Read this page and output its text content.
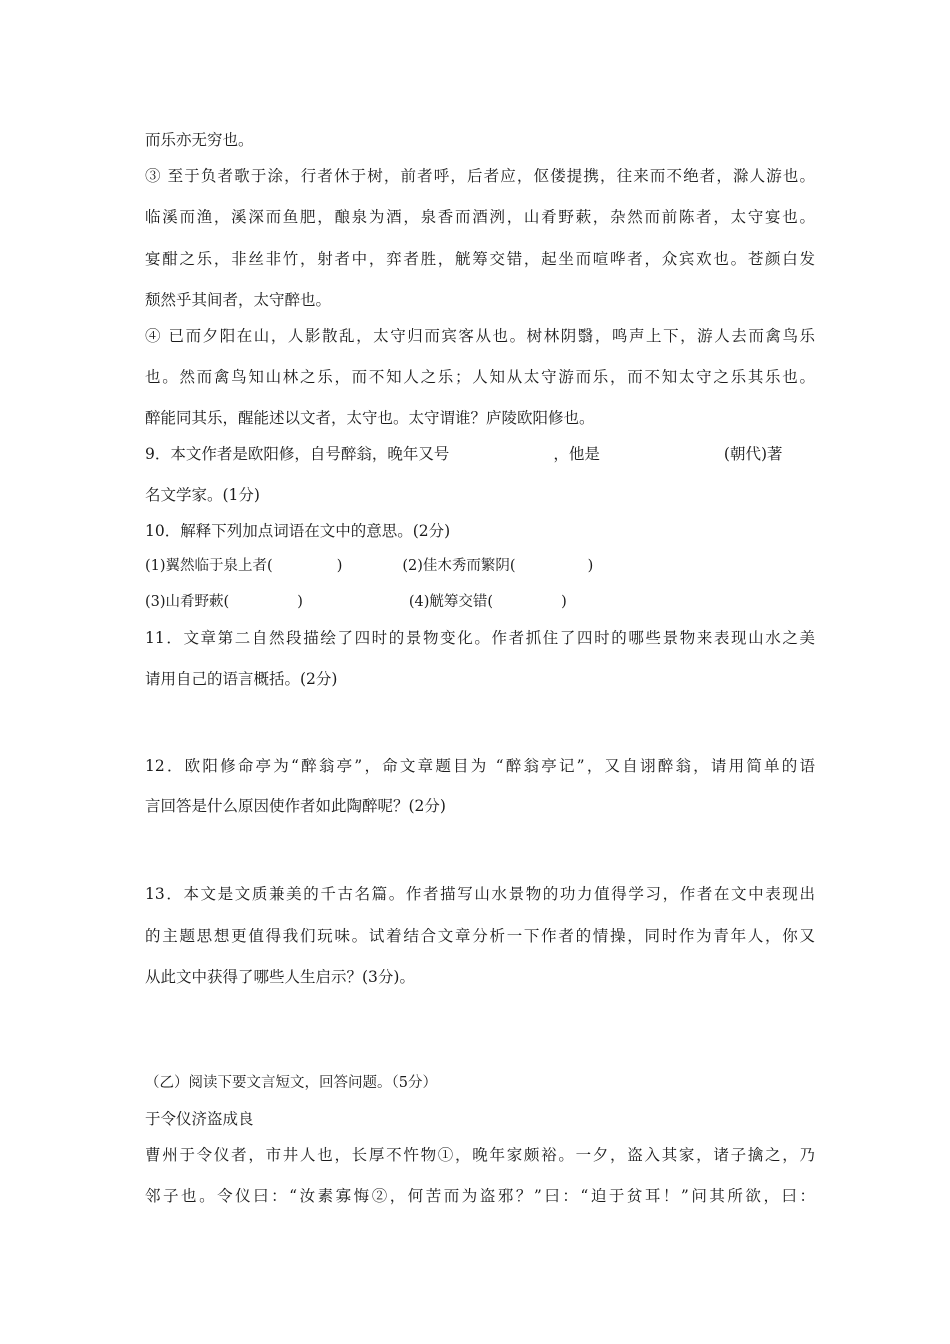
而乐亦无穷也。
③ 至于负者歌于涂，行者休于树，前者呼，后者应，伛偻提携，往来而不绝者，滁人游也。
临溪而渔，溪深而鱼肥，酿泉为酒，泉香而酒洌，山肴野蔌，杂然而前陈者，太守宴也。
宴酣之乐，非丝非竹，射者中，弈者胜，觥筹交错，起坐而喧哗者，众宾欢也。苍颜白发
颓然乎其间者，太守醉也。
④ 已而夕阳在山，人影散乱，太守归而宾客从也。树林阴翳，鸣声上下，游人去而禽鸟乐
也。然而禽鸟知山林之乐，而不知人之乐；人知从太守游而乐，而不知太守之乐其乐也。
醉能同其乐，醒能述以文者，太守也。太守谓谁？庐陵欧阳修也。
9．本文作者是欧阳修，自号醉翁，晚年又号	，他是	(朝代)著
名文学家。(1分)
10．解释下列加点词语在文中的意思。(2分)
(1)翼然临于泉上者(	)	(2)佳木秀而繁阴(	)
(3)山肴野蔌(	)	(4)觥筹交错(	)
11．文章第二自然段描绘了四时的景物变化。作者抓住了四时的哪些景物来表现山水之美
请用自己的语言概括。(2分)
12．欧阳修命亭为“醉翁亭”，命文章题目为 “醉翁亭记”，又自诩醉翁，请用简单的语
言回答是什么原因使作者如此陶醉呢？(2分)
13．本文是文质兼美的千古名篇。作者描写山水景物的功力值得学习，作者在文中表现出
的主题思想更值得我们玩味。试着结合文章分析一下作者的情操，同时作为青年人，你又
从此文中获得了哪些人生启示？(3分)。
（乙）阅读下要文言短文，回答问题。（5分）
于令仪济盗成良
曹州于令仪者，市井人也，长厚不忤物①，晚年家颇裕。一夕，盗入其家，诸子擒之，乃
邻子也。令仪曰：“汝素寡悔②，何苦而为盗邪？”曰：“迫于贫耳！”问其所欲，曰：
